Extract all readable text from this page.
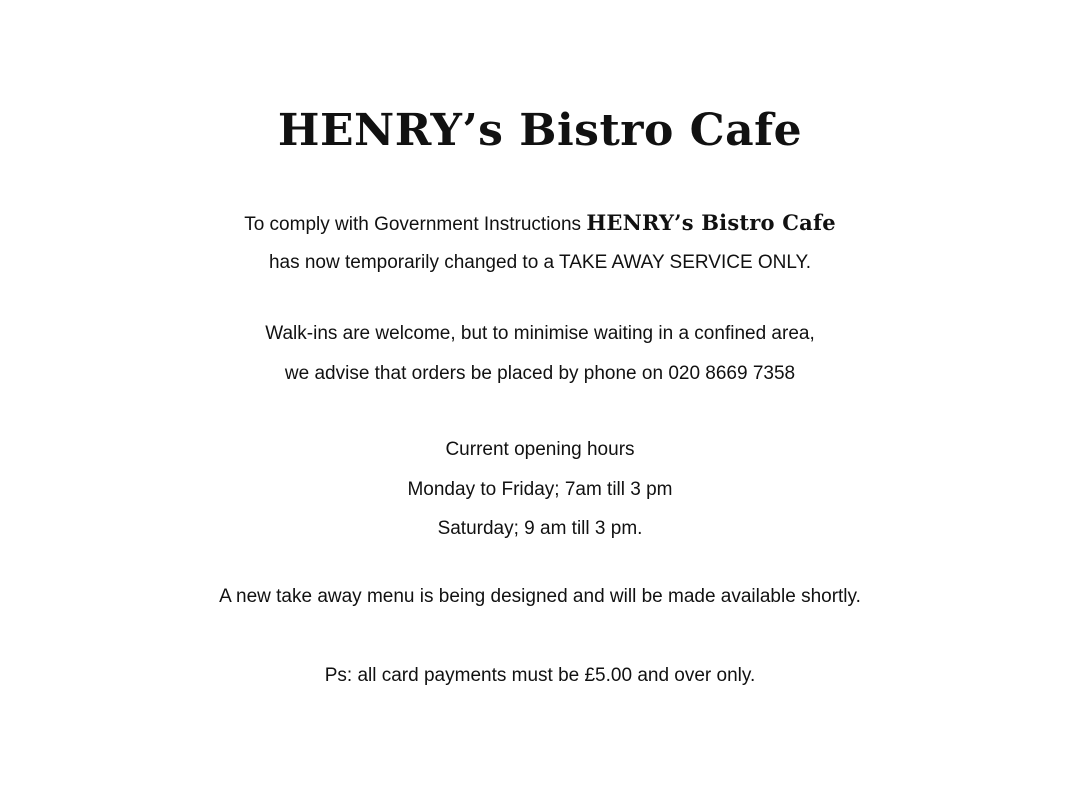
HENRY’s Bistro Cafe
To comply with Government Instructions HENRY’s Bistro Cafe
has now temporarily changed to a TAKE AWAY SERVICE ONLY.
Walk-ins are welcome, but to minimise waiting in a confined area,
we advise that orders be placed by phone on 020 8669 7358
Current opening hours
Monday to Friday; 7am till 3 pm
Saturday; 9 am till 3 pm.
A new take away menu is being designed and will be made available shortly.
Ps: all card payments must be £5.00 and over only.
